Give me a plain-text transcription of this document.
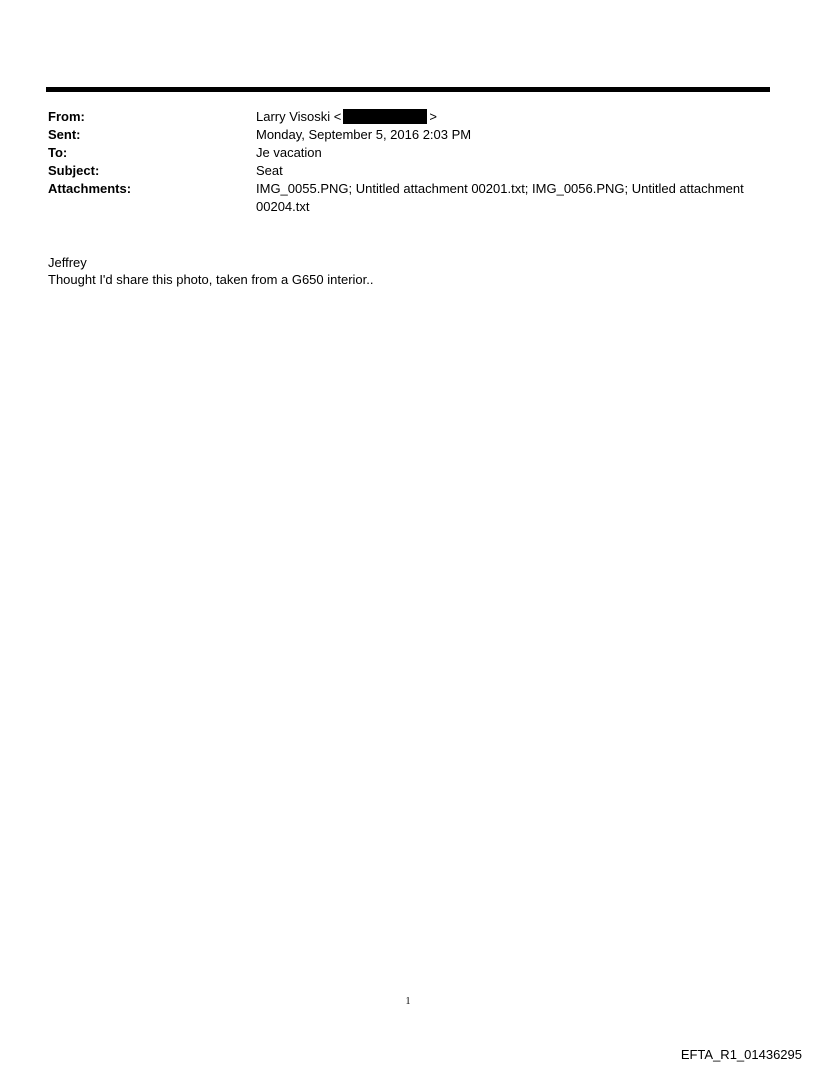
From:	Larry Visoski <	>
Sent:	Monday, September 5, 2016 2:03 PM
To:	Je vacation
Subject:	Seat
Attachments:	IMG_0055.PNG; Untitled attachment 00201.txt; IMG_0056.PNG; Untitled attachment 00204.txt
Jeffrey
Thought I'd share this photo, taken from a G650 interior..
1
EFTA_R1_01436295
